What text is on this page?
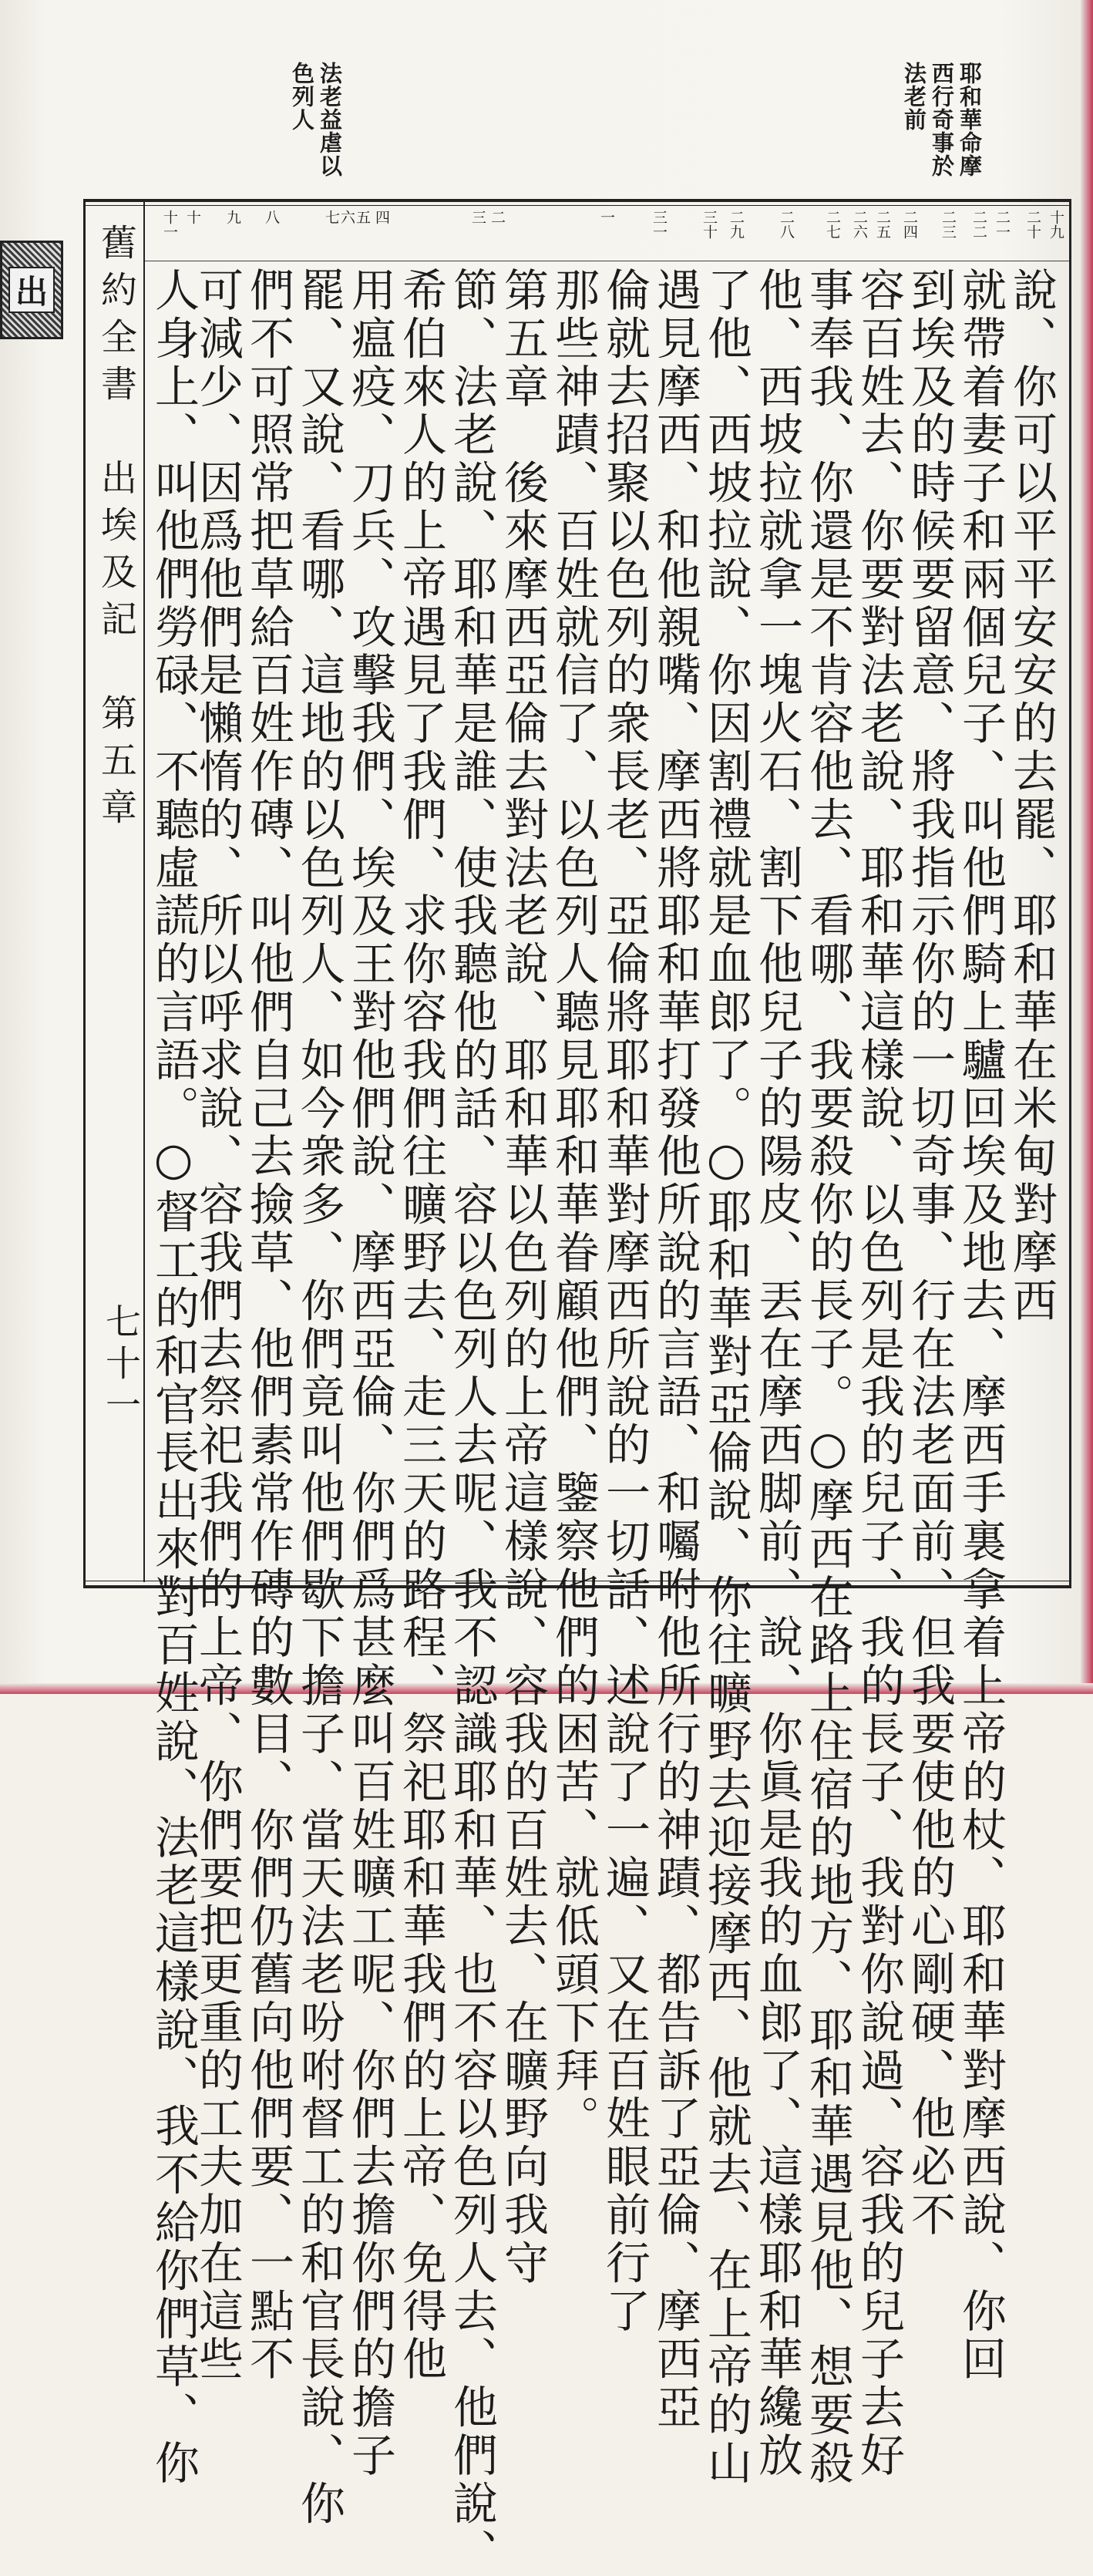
耶和華命摩
西行奇事於
法老前
法老益虐以
色列人
出 舊約全書　出埃及記　第五章
七十一
十九
二十
二一
二二
二三
二四
二五
二六
二七
二八
二九
三十
三一
一
二
三
四
五
六
七
八
九
十
十一
說、你可以平平安安的去罷、耶和華在米甸對摩西
就帶着妻子和兩個兒子、叫他們騎上驢回埃及地去、摩西手裏拿着上帝的杖、耶和華對摩西說、你回
到埃及的時候要留意、將我指示你的一切奇事、行在法老面前、但我要使他的心剛硬、他必不
容百姓去、你要對法老說、耶和華這樣說、以色列是我的兒子、我的長子、我對你說過、容我的兒子去好
事奉我、你還是不肯容他去、看哪、我要殺你的長子。○摩西在路上住宿的地方、耶和華遇見他、想要殺
他、西坡拉就拿一塊火石、割下他兒子的陽皮、丟在摩西脚前、說、你眞是我的血郎了、這樣耶和華纔放
了他、西坡拉說、你因割禮就是血郎了。○耶和華對亞倫說、你往曠野去迎接摩西、他就去、在上帝的山
遇見摩西、和他親嘴、摩西將耶和華打發他所說的言語、和囑咐他所行的神蹟、都告訴了亞倫、摩西亞
倫就去招聚以色列的衆長老、亞倫將耶和華對摩西所說的一切話、述說了一遍、又在百姓眼前行了
那些神蹟、百姓就信了、以色列人聽見耶和華眷顧他們、鑒察他們的困苦、就低頭下拜。
第五章　後來摩西亞倫去對法老說、耶和華以色列的上帝這樣說、容我的百姓去、在曠野向我守
節、法老說、耶和華是誰、使我聽他的話、容以色列人去呢、我不認識耶和華、也不容以色列人去、他們說、
希伯來人的上帝遇見了我們、求你容我們往曠野去、走三天的路程、祭祀耶和華我們的上帝、免得他
用瘟疫、刀兵、攻擊我們、埃及王對他們說、摩西亞倫、你們爲甚麼叫百姓曠工呢、你們去擔你們的擔子
罷、又說、看哪、這地的以色列人、如今衆多、你們竟叫他們歇下擔子、當天法老吩咐督工的和官長說、你
們不可照常把草給百姓作磚、叫他們自己去撿草、他們素常作磚的數目、你們仍舊向他們要、一點不
可減少、因爲他們是懶惰的、所以呼求說、容我們去祭祀我們的上帝、你們要把更重的工夫加在這些
人身上、叫他們勞碌、不聽虛謊的言語。○督工的和官長出來對百姓說、法老這樣說、我不給你們草、你
